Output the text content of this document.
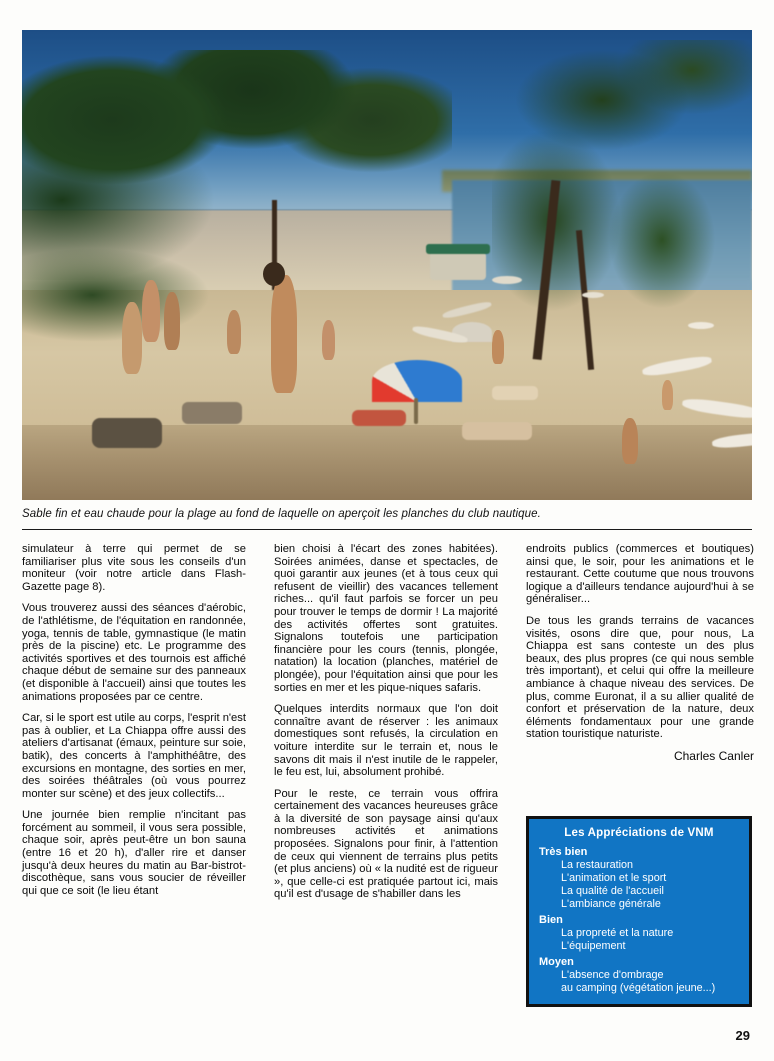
Sable fin et eau chaude pour la plage au fond de laquelle on aperçoit les planches du club nautique.

simulateur à terre qui permet de se familiariser plus vite sous les conseils d'un moniteur (voir notre article dans Flash-Gazette page 8).

Vous trouverez aussi des séances d'aérobic, de l'athlétisme, de l'équitation en randonnée, yoga, tennis de table, gymnastique (le matin près de la piscine) etc. Le programme des activités sportives et des tournois est affiché chaque début de semaine sur des panneaux (et disponible à l'accueil) ainsi que toutes les animations proposées par ce centre.

Car, si le sport est utile au corps, l'esprit n'est pas à oublier, et La Chiappa offre aussi des ateliers d'artisanat (émaux, peinture sur soie, batik), des concerts à l'amphithéâtre, des excursions en montagne, des sorties en mer, des soirées théâtrales (où vous pourrez monter sur scène) et des jeux collectifs...

Une journée bien remplie n'incitant pas forcément au sommeil, il vous sera possible, chaque soir, après peut-être un bon sauna (entre 16 et 20 h), d'aller rire et danser jusqu'à deux heures du matin au Bar-bistrot-discothèque, sans vous soucier de réveiller qui que ce soit (le lieu étant

bien choisi à l'écart des zones habitées). Soirées animées, danse et spectacles, de quoi garantir aux jeunes (et à tous ceux qui refusent de vieillir) des vacances tellement riches... qu'il faut parfois se forcer un peu pour trouver le temps de dormir ! La majorité des activités offertes sont gratuites. Signalons toutefois une participation financière pour les cours (tennis, plongée, natation) la location (planches, matériel de plongée), pour l'équitation ainsi que pour les sorties en mer et les pique-niques safaris.

Quelques interdits normaux que l'on doit connaître avant de réserver : les animaux domestiques sont refusés, la circulation en voiture interdite sur le terrain et, nous le savons dit mais il n'est inutile de le rappeler, le feu est, lui, absolument prohibé.

Pour le reste, ce terrain vous offrira certainement des vacances heureuses grâce à la diversité de son paysage ainsi qu'aux nombreuses activités et animations proposées. Signalons pour finir, à l'attention de ceux qui viennent de terrains plus petits (et plus anciens) où « la nudité est de rigueur », que celle-ci est pratiquée partout ici, mais qu'il est d'usage de s'habiller dans les

endroits publics (commerces et boutiques) ainsi que, le soir, pour les animations et le restaurant. Cette coutume que nous trouvons logique a d'ailleurs tendance aujourd'hui à se généraliser...

De tous les grands terrains de vacances visités, osons dire que, pour nous, La Chiappa est sans conteste un des plus beaux, des plus propres (ce qui nous semble très important), et celui qui offre la meilleure ambiance à chaque niveau des services. De plus, comme Euronat, il a su allier qualité de confort et préservation de la nature, deux éléments fondamentaux pour une grande station touristique naturiste.

Charles Canler
Les Appréciations de VNM
Très bien
La restauration
L'animation et le sport
La qualité de l'accueil
L'ambiance générale
Bien
La propreté et la nature
L'équipement
Moyen
L'absence d'ombrage
au camping (végétation jeune...)
29
